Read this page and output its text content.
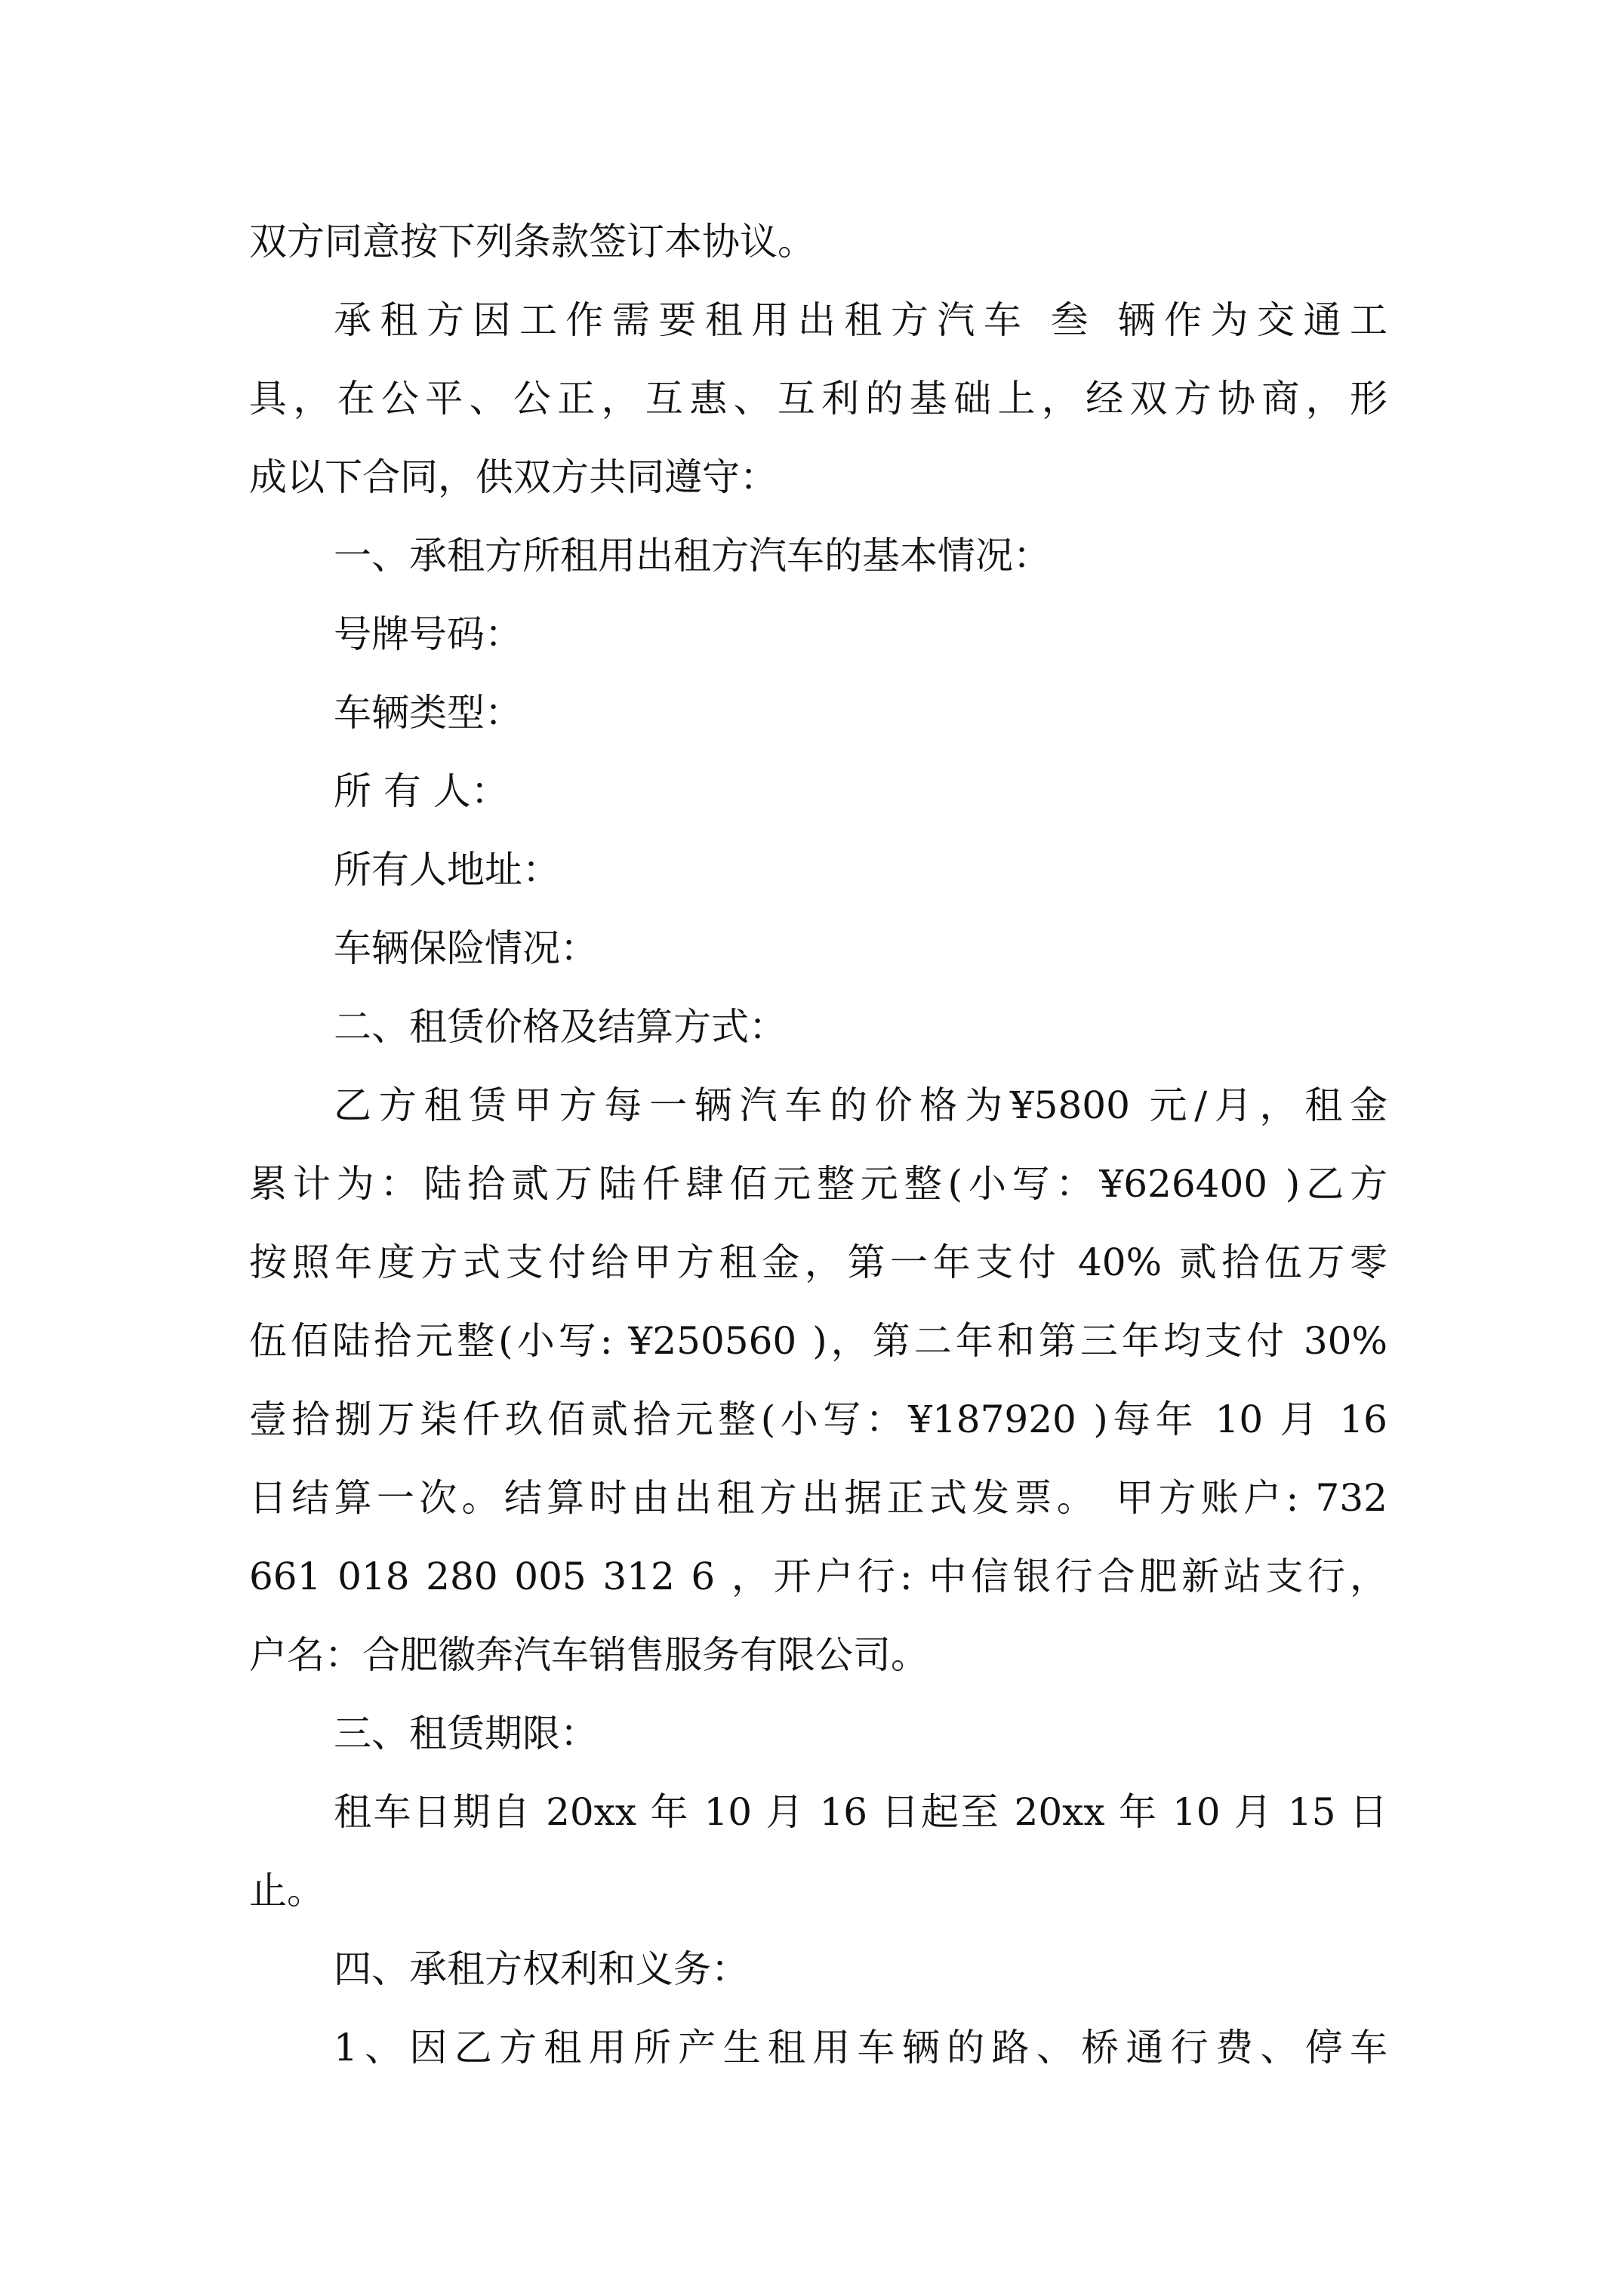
双方同意按下列条款签订本协议。
承租方因工作需要租用出租方汽车 叁 辆作为交通工
具，在公平、公正，互惠、互利的基础上，经双方协商，形
成以下合同，供双方共同遵守：
一、承租方所租用出租方汽车的基本情况：
号牌号码：
车辆类型：
所 有 人：
所有人地址：
车辆保险情况：
二、租赁价格及结算方式：
乙方租赁甲方每一辆汽车的价格为¥5800 元/月，租金
累计为：陆拾贰万陆仟肆佰元整元整(小写：¥626400 )乙方
按照年度方式支付给甲方租金，第一年支付 40% 贰拾伍万零
伍佰陆拾元整(小写: ¥250560 )，第二年和第三年均支付 30%
壹拾捌万柒仟玖佰贰拾元整(小写：¥187920 )每年 10 月 16
日结算一次。结算时由出租方出据正式发票。 甲方账户: 732
661 018 280 005 312 6 ，开户行: 中信银行合肥新站支行，
户名：合肥徽奔汽车销售服务有限公司。
三、租赁期限：
租车日期自 20xx 年 10 月 16 日起至 20xx 年 10 月 15 日
止。
四、承租方权利和义务：
1、因乙方租用所产生租用车辆的路、桥通行费、停车
